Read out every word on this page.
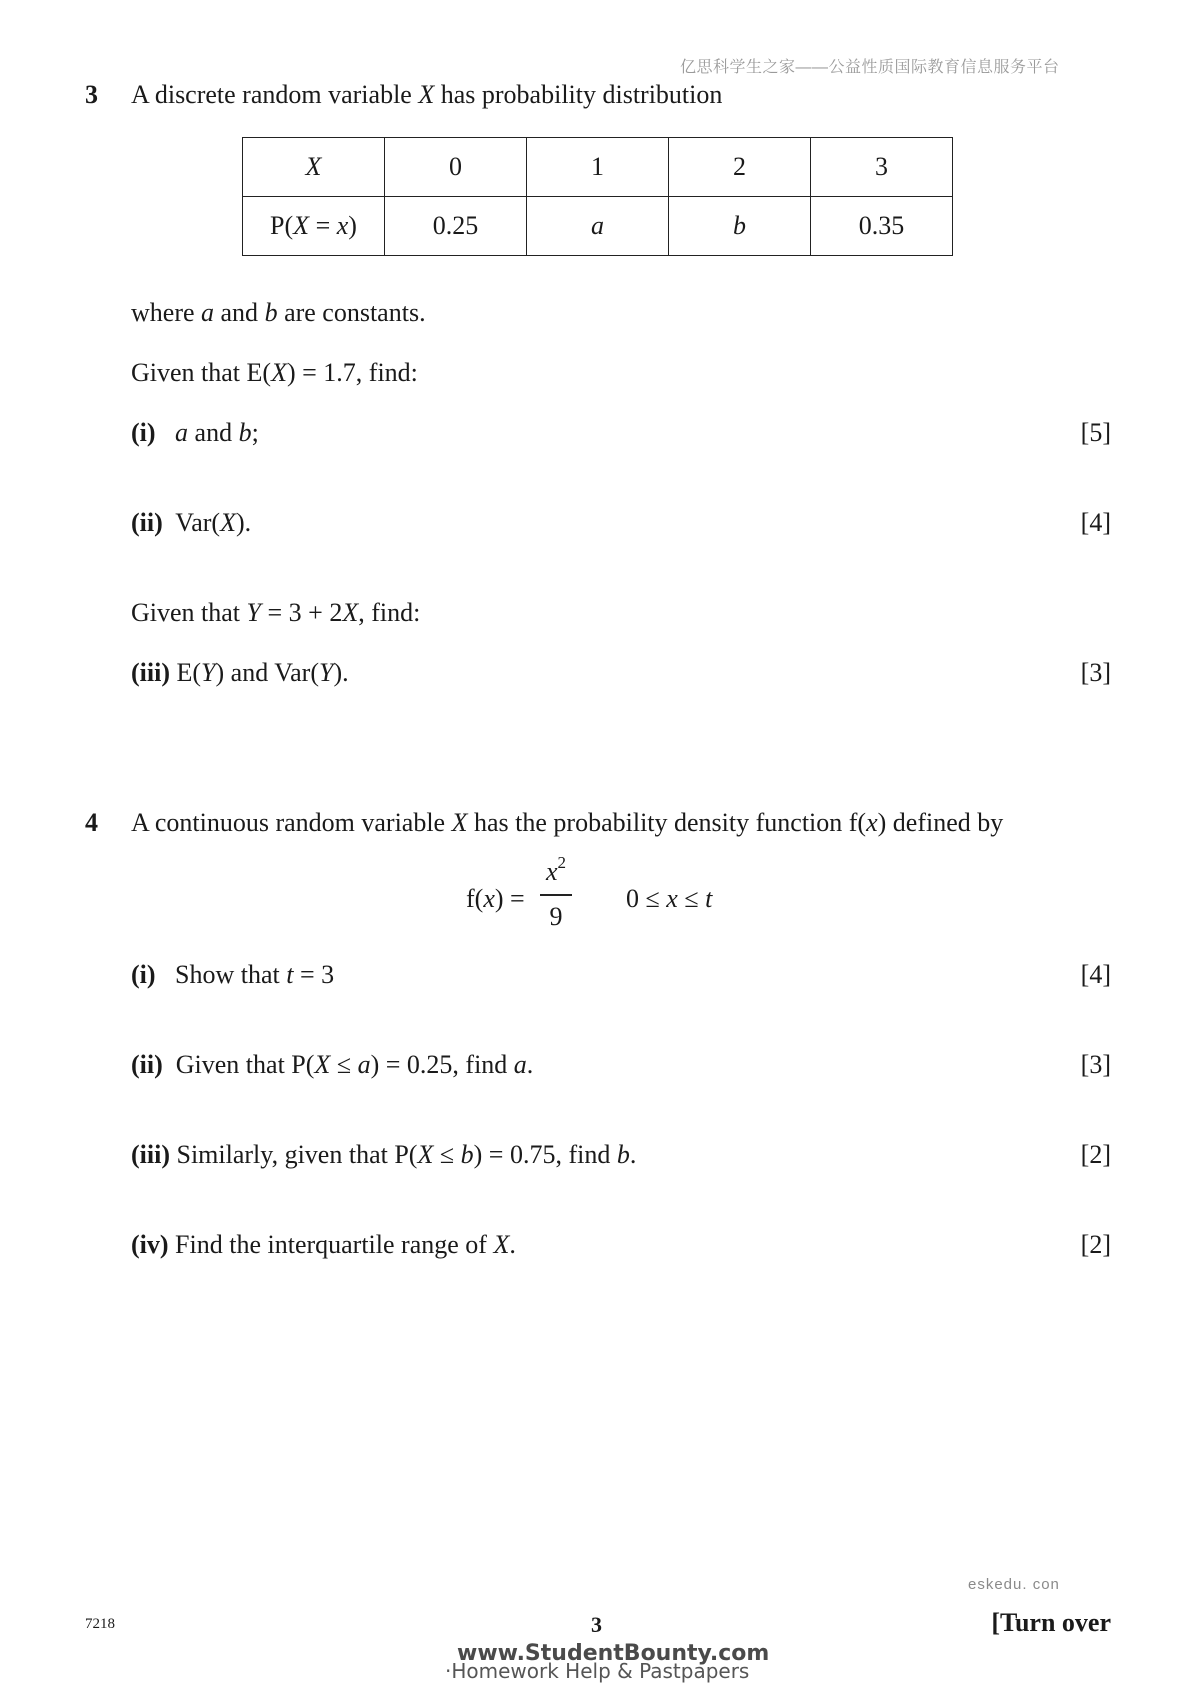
亿思科学生之家——公益性质国际教育信息服务平台
3 A discrete random variable X has probability distribution
X	0	1	2	3
P(X = x)	0.25	a	b	0.35
where a and b are constants.
Given that E(X) = 1.7, find:
(i) a and b;	[5]
(ii) Var(X).	[4]
Given that Y = 3 + 2X, find:
(iii) E(Y) and Var(Y).	[3]
4 A continuous random variable X has the probability density function f(x) defined by
f(x) =
$x^2$
9
0 ≤ x ≤ t
(i) Show that t = 3	[4]
(ii) Given that P(X ≤ a) = 0.25, find a.	[3]
(iii) Similarly, given that P(X ≤ b) = 0.75, find b.	[2]
(iv) Find the interquartile range of X.	[2]
eskedu. con
7218	3	[Turn over
www.StudentBounty.com
·Homework Help & Pastpapers
